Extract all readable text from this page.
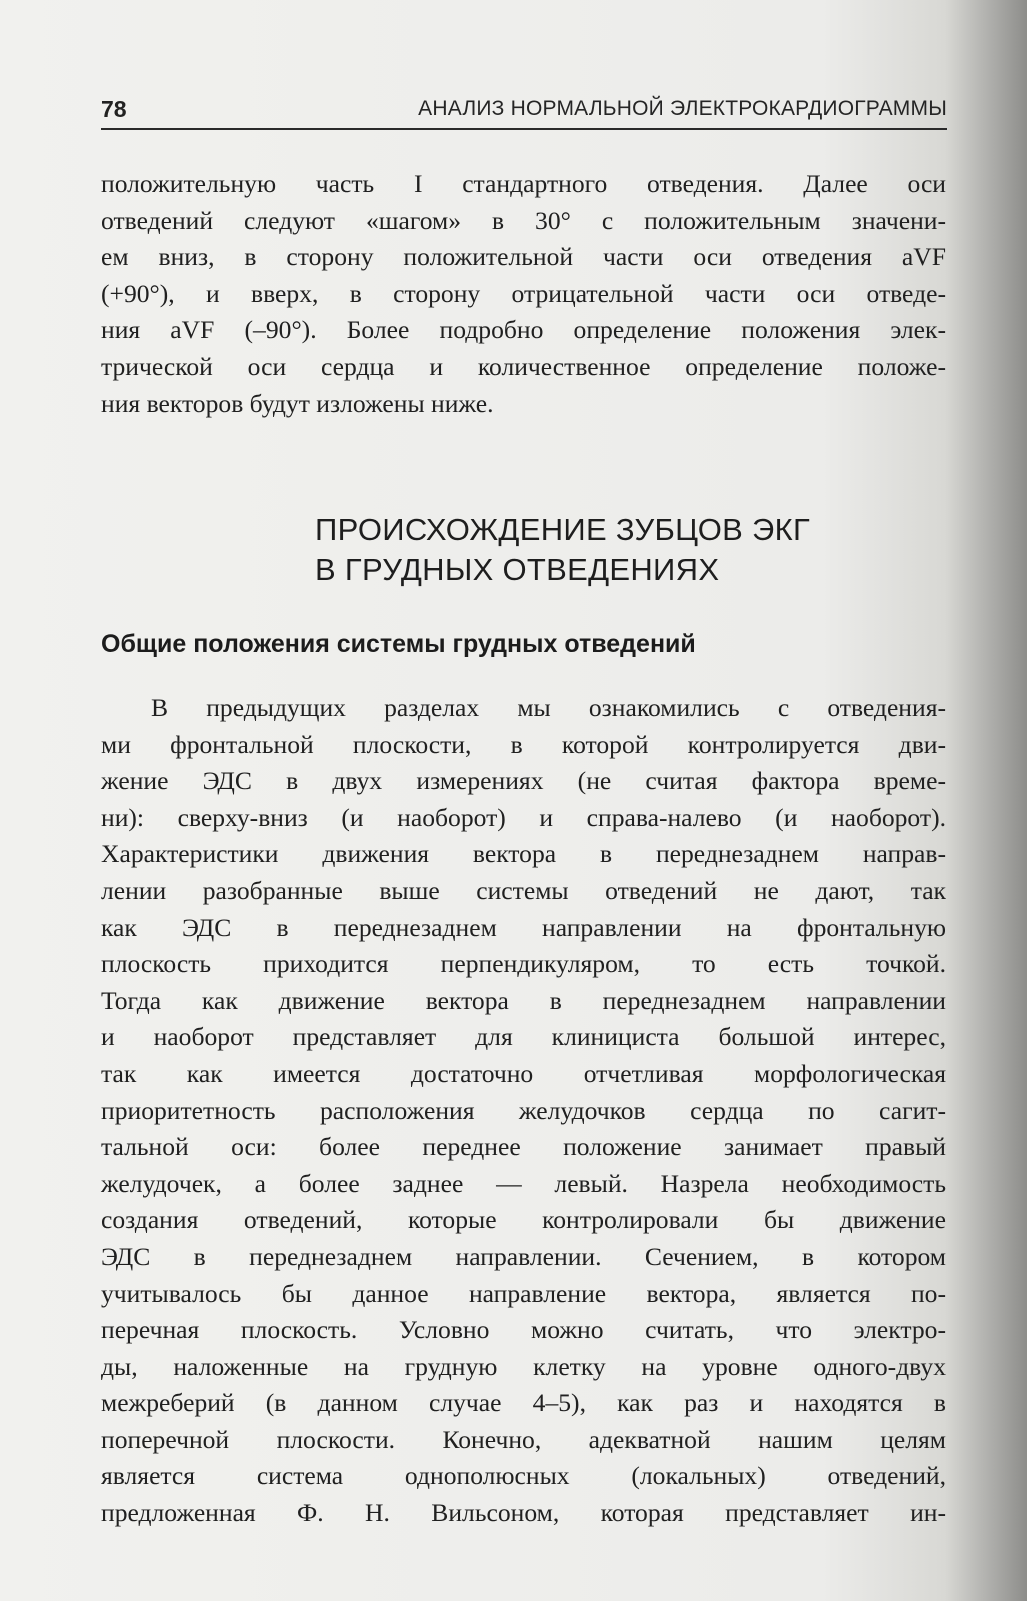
78	АНАЛИЗ НОРМАЛЬНОЙ ЭЛЕКТРОКАРДИОГРАММЫ

положительную часть I стандартного отведения. Далее оси
отведений следуют «шагом» в 30° с положительным значени-
ем вниз, в сторону положительной части оси отведения aVF
(+90°), и вверх, в сторону отрицательной части оси отведе-
ния aVF (–90°). Более подробно определение положения элек-
трической оси сердца и количественное определение положе-
ния векторов будут изложены ниже.

ПРОИСХОЖДЕНИЕ ЗУБЦОВ ЭКГ
В ГРУДНЫХ ОТВЕДЕНИЯХ
Общие положения системы грудных отведений

В предыдущих разделах мы ознакомились с отведения-
ми фронтальной плоскости, в которой контролируется дви-
жение ЭДС в двух измерениях (не считая фактора време-
ни): сверху-вниз (и наоборот) и справа-налево (и наоборот).
Характеристики движения вектора в переднезаднем направ-
лении разобранные выше системы отведений не дают, так
как ЭДС в переднезаднем направлении на фронтальную
плоскость приходится перпендикуляром, то есть точкой.
Тогда как движение вектора в переднезаднем направлении
и наоборот представляет для клинициста большой интерес,
так как имеется достаточно отчетливая морфологическая
приоритетность расположения желудочков сердца по сагит-
тальной оси: более переднее положение занимает правый
желудочек, а более заднее — левый. Назрела необходимость
создания отведений, которые контролировали бы движение
ЭДС в переднезаднем направлении. Сечением, в котором
учитывалось бы данное направление вектора, является по-
перечная плоскость. Условно можно считать, что электро-
ды, наложенные на грудную клетку на уровне одного-двух
межреберий (в данном случае 4–5), как раз и находятся в
поперечной плоскости. Конечно, адекватной нашим целям
является система однополюсных (локальных) отведений,
предложенная Ф. Н. Вильсоном, которая представляет ин-
